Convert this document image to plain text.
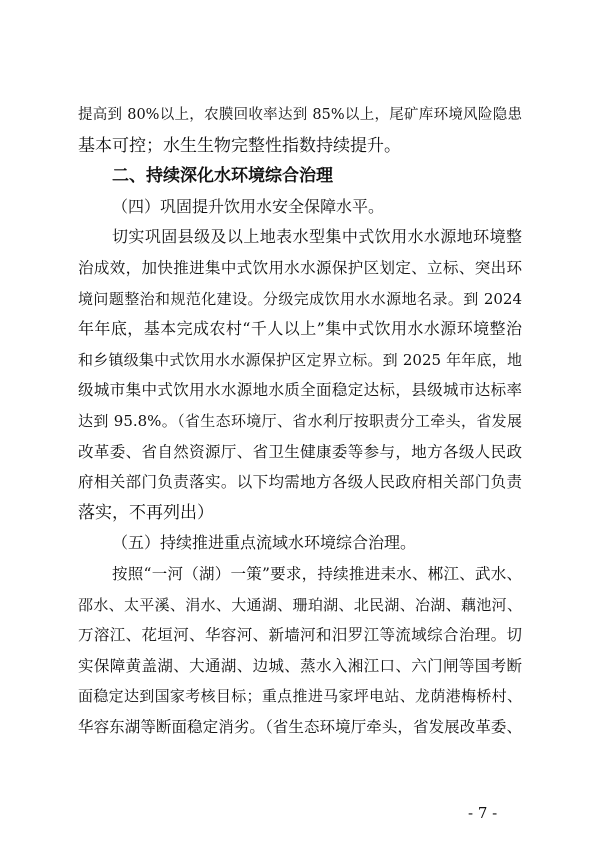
提高到 80%以上，农膜回收率达到 85%以上，尾矿库环境风险隐患
基本可控；水生生物完整性指数持续提升。
二、持续深化水环境综合治理
（四）巩固提升饮用水安全保障水平。
切实巩固县级及以上地表水型集中式饮用水水源地环境整
治成效，加快推进集中式饮用水水源保护区划定、立标、突出环
境问题整治和规范化建设。分级完成饮用水水源地名录。到 2024
年年底，基本完成农村“千人以上”集中式饮用水水源环境整治
和乡镇级集中式饮用水水源保护区定界立标。到 2025 年年底，地
级城市集中式饮用水水源地水质全面稳定达标，县级城市达标率
达到 95.8%。（省生态环境厅、省水利厅按职责分工牵头，省发展
改革委、省自然资源厅、省卫生健康委等参与，地方各级人民政
府相关部门负责落实。以下均需地方各级人民政府相关部门负责
落实，不再列出）
（五）持续推进重点流域水环境综合治理。
按照“一河（湖）一策”要求，持续推进耒水、郴江、武水、
邵水、太平溪、涓水、大通湖、珊珀湖、北民湖、冶湖、藕池河、
万溶江、花垣河、华容河、新墙河和汨罗江等流域综合治理。切
实保障黄盖湖、大通湖、边城、蒸水入湘江口、六门闸等国考断
面稳定达到国家考核目标；重点推进马家坪电站、龙荫港梅桥村、
华容东湖等断面稳定消劣。（省生态环境厅牵头，省发展改革委、
- 7 -
